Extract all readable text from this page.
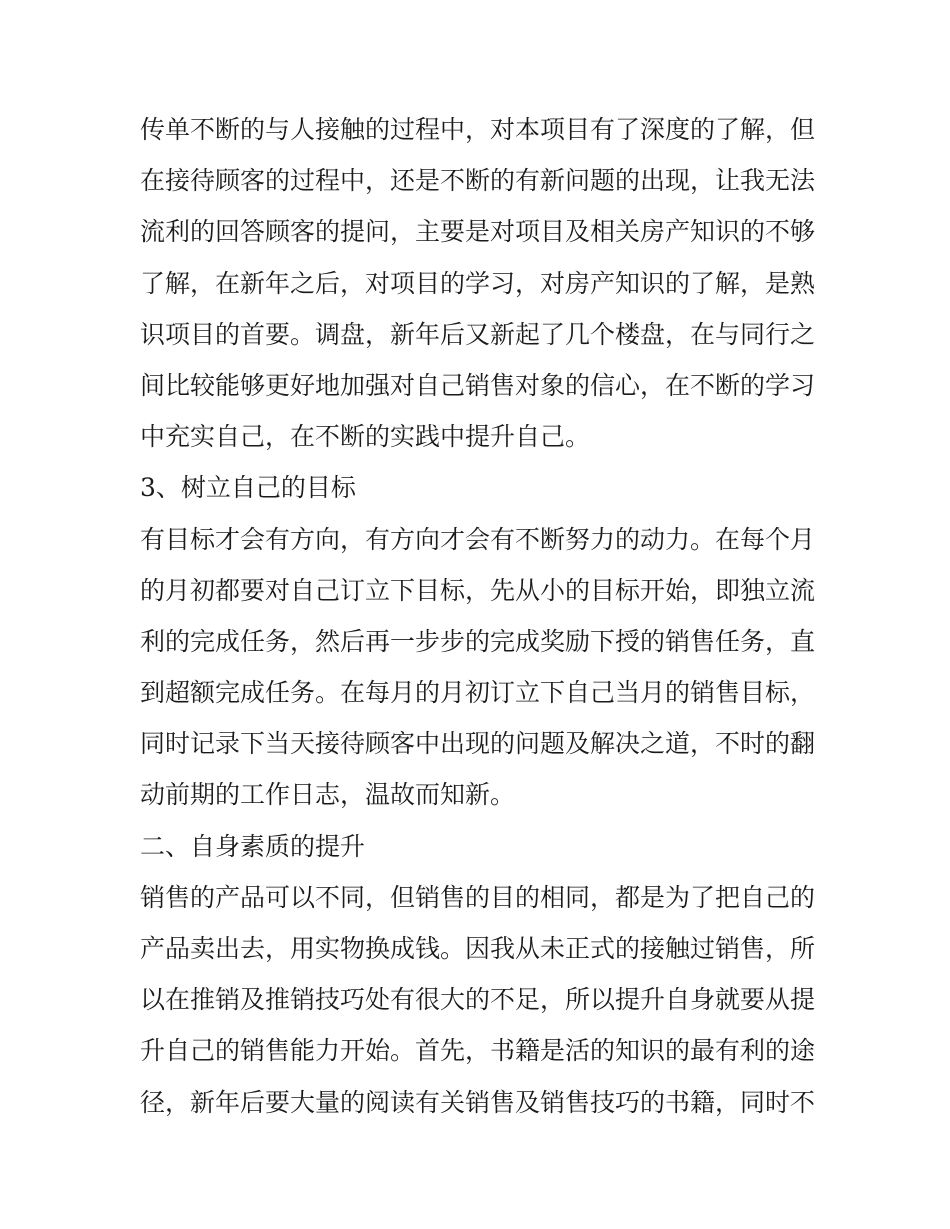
传单不断的与人接触的过程中，对本项目有了深度的了解，但
在接待顾客的过程中，还是不断的有新问题的出现，让我无法
流利的回答顾客的提问，主要是对项目及相关房产知识的不够
了解，在新年之后，对项目的学习，对房产知识的了解，是熟
识项目的首要。调盘，新年后又新起了几个楼盘，在与同行之
间比较能够更好地加强对自己销售对象的信心，在不断的学习
中充实自己，在不断的实践中提升自己。
3、树立自己的目标
有目标才会有方向，有方向才会有不断努力的动力。在每个月
的月初都要对自己订立下目标，先从小的目标开始，即独立流
利的完成任务，然后再一步步的完成奖励下授的销售任务，直
到超额完成任务。在每月的月初订立下自己当月的销售目标，
同时记录下当天接待顾客中出现的问题及解决之道，不时的翻
动前期的工作日志，温故而知新。
二、自身素质的提升
销售的产品可以不同，但销售的目的相同，都是为了把自己的
产品卖出去，用实物换成钱。因我从未正式的接触过销售，所
以在推销及推销技巧处有很大的不足，所以提升自身就要从提
升自己的销售能力开始。首先，书籍是活的知识的最有利的途
径，新年后要大量的阅读有关销售及销售技巧的书籍，同时不
